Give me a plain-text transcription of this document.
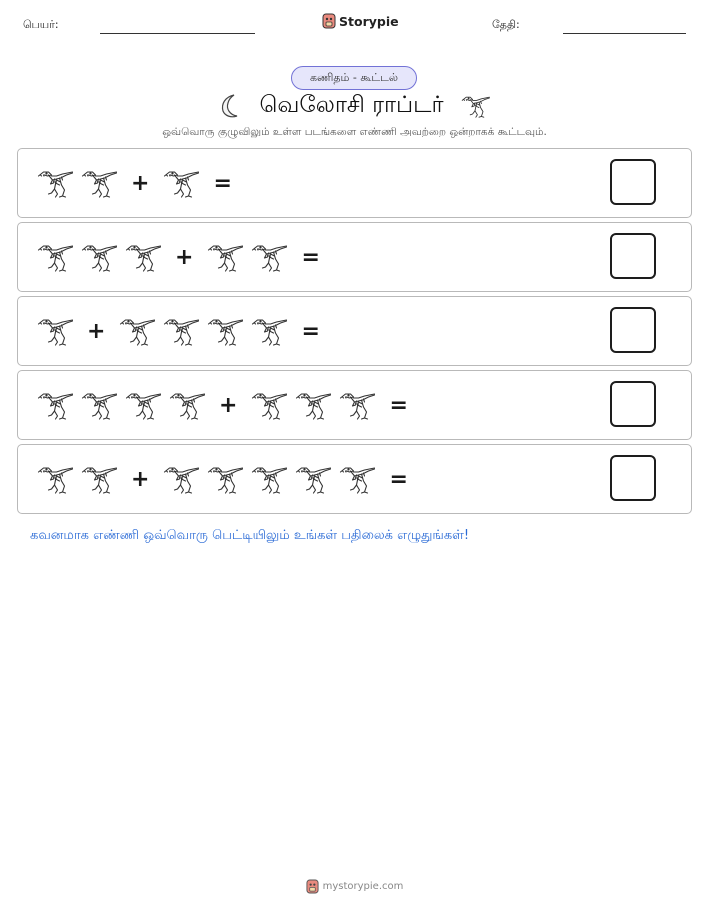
பெயர்:	Storypie	தேதி:
கணிதம் - கூட்டல்
வெலோசி ராப்டர்
ஒவ்வொரு குழுவிலும் உள்ள படங்களை எண்ணி அவற்றை ஒன்றாகக் கூட்டவும்.
+	=
+	=
+	=
+	=
+	=
கவனமாக எண்ணி ஒவ்வொரு பெட்டியிலும் உங்கள் பதிலைக் எழுதுங்கள்!
mystorypie.com
